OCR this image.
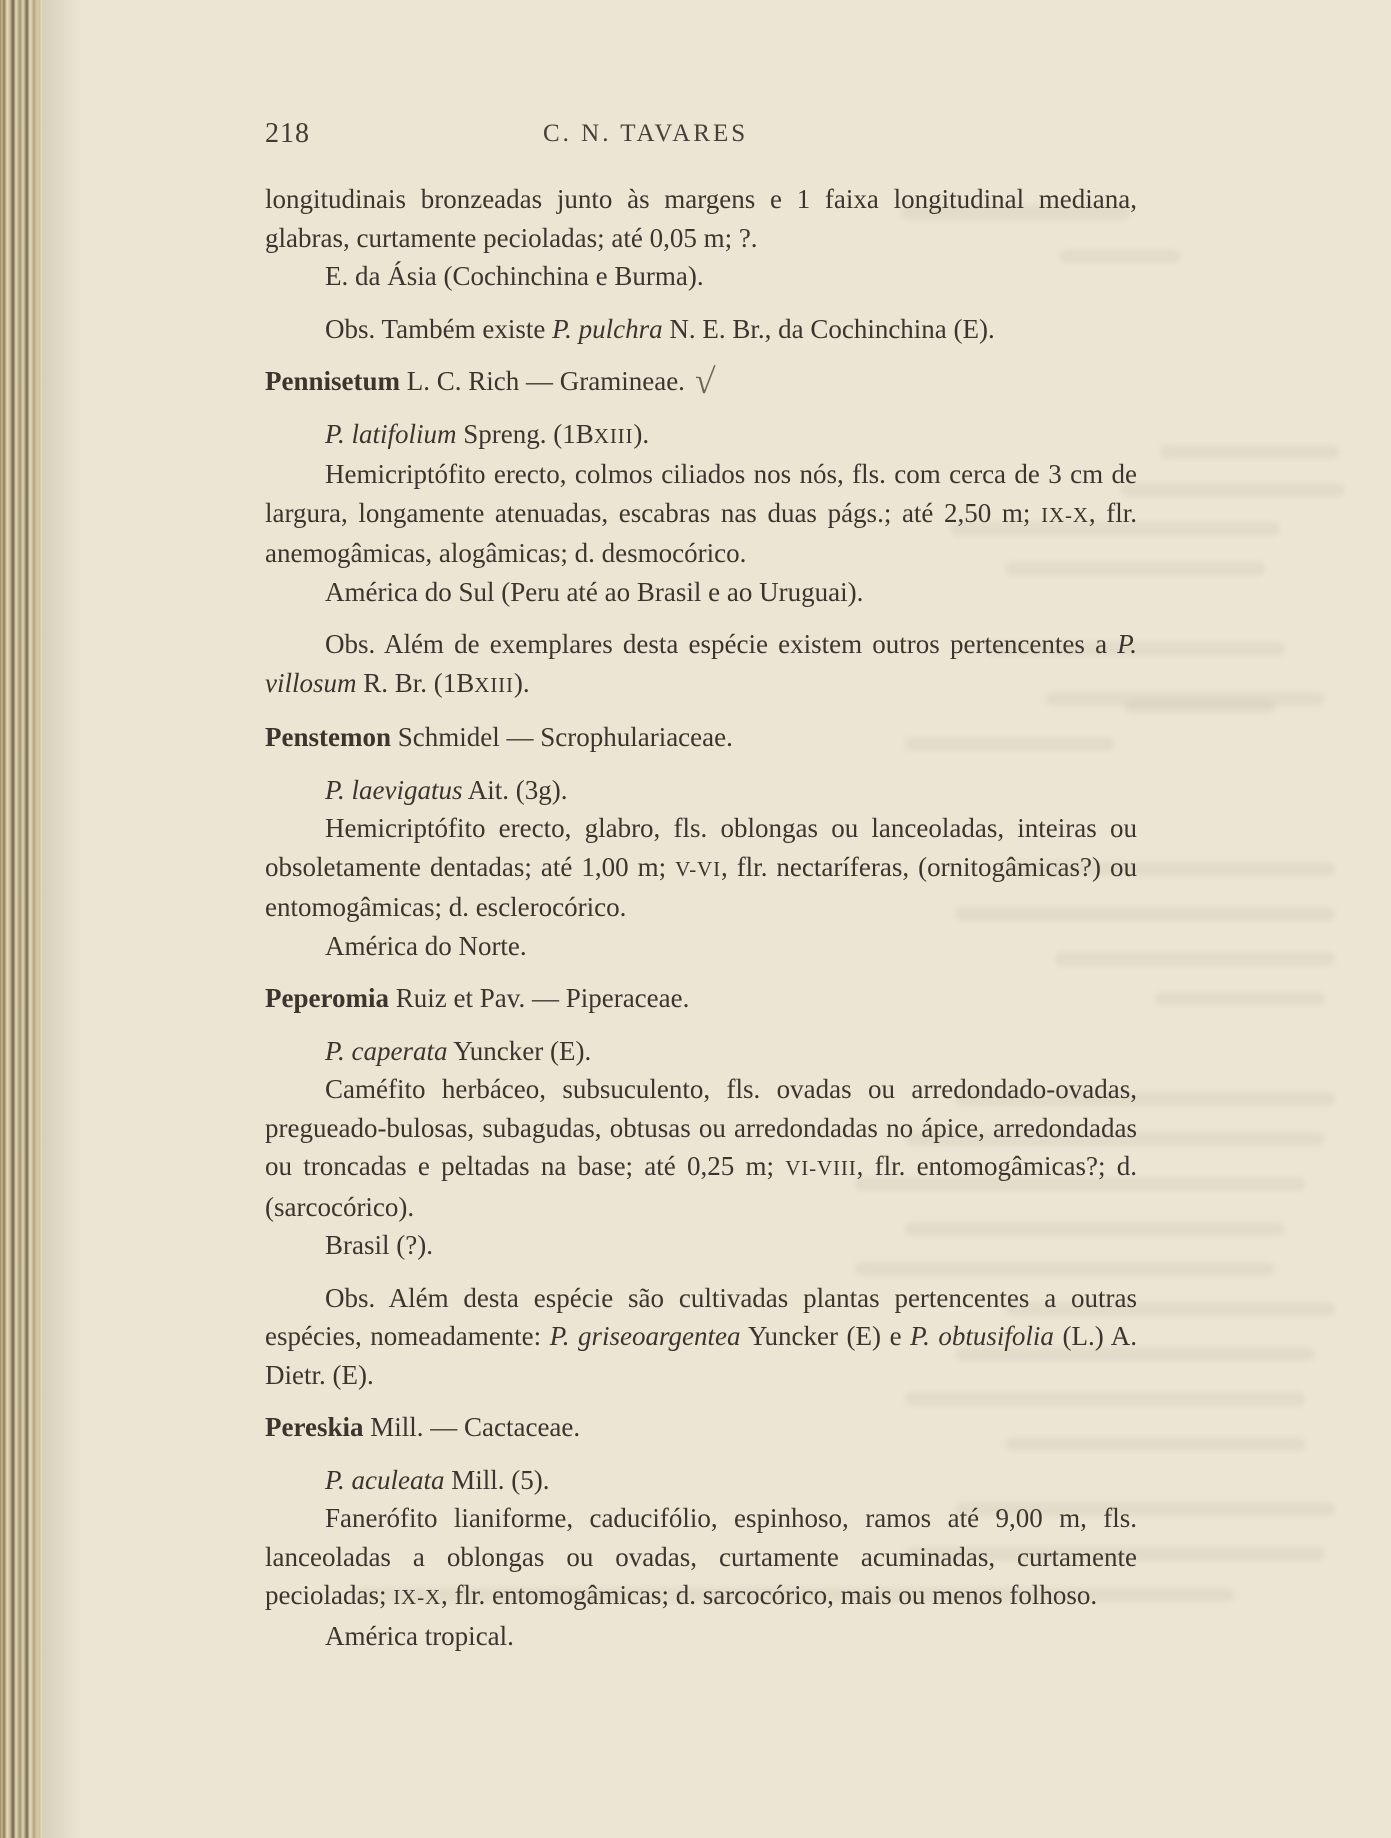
218	C. N. TAVARES

longitudinais bronzeadas junto às margens e 1 faixa longitudinal mediana, glabras, curtamente pecioladas; até 0,05 m; ?.

E. da Ásia (Cochinchina e Burma).

Obs. Também existe P. pulchra N. E. Br., da Cochinchina (E).

Pennisetum L. C. Rich — Gramineae. √

P. latifolium Spreng. (1BXIII).

Hemicriptófito erecto, colmos ciliados nos nós, fls. com cerca de 3 cm de largura, longamente atenuadas, escabras nas duas págs.; até 2,50 m; IX-X, flr. anemogâmicas, alogâmicas; d. desmocórico.

América do Sul (Peru até ao Brasil e ao Uruguai).

Obs. Além de exemplares desta espécie existem outros pertencentes a P. villosum R. Br. (1BXIII).

Penstemon Schmidel — Scrophulariaceae.

P. laevigatus Ait. (3g).

Hemicriptófito erecto, glabro, fls. oblongas ou lanceoladas, inteiras ou obsoletamente dentadas; até 1,00 m; V-VI, flr. nectaríferas, (ornitogâmicas?) ou entomogâmicas; d. esclerocórico.

América do Norte.

Peperomia Ruiz et Pav. — Piperaceae.

P. caperata Yuncker (E).

Caméfito herbáceo, subsuculento, fls. ovadas ou arredondado-ovadas, pregueado-bulosas, subagudas, obtusas ou arredondadas no ápice, arredondadas ou troncadas e peltadas na base; até 0,25 m; VI-VIII, flr. entomogâmicas?; d. (sarcocórico).

Brasil (?).

Obs. Além desta espécie são cultivadas plantas pertencentes a outras espécies, nomeadamente: P. griseoargentea Yuncker (E) e P. obtusifolia (L.) A. Dietr. (E).

Pereskia Mill. — Cactaceae.

P. aculeata Mill. (5).

Fanerófito lianiforme, caducifólio, espinhoso, ramos até 9,00 m, fls. lanceoladas a oblongas ou ovadas, curtamente acuminadas, curtamente pecioladas; IX-X, flr. entomogâmicas; d. sarcocórico, mais ou menos folhoso.

América tropical.
